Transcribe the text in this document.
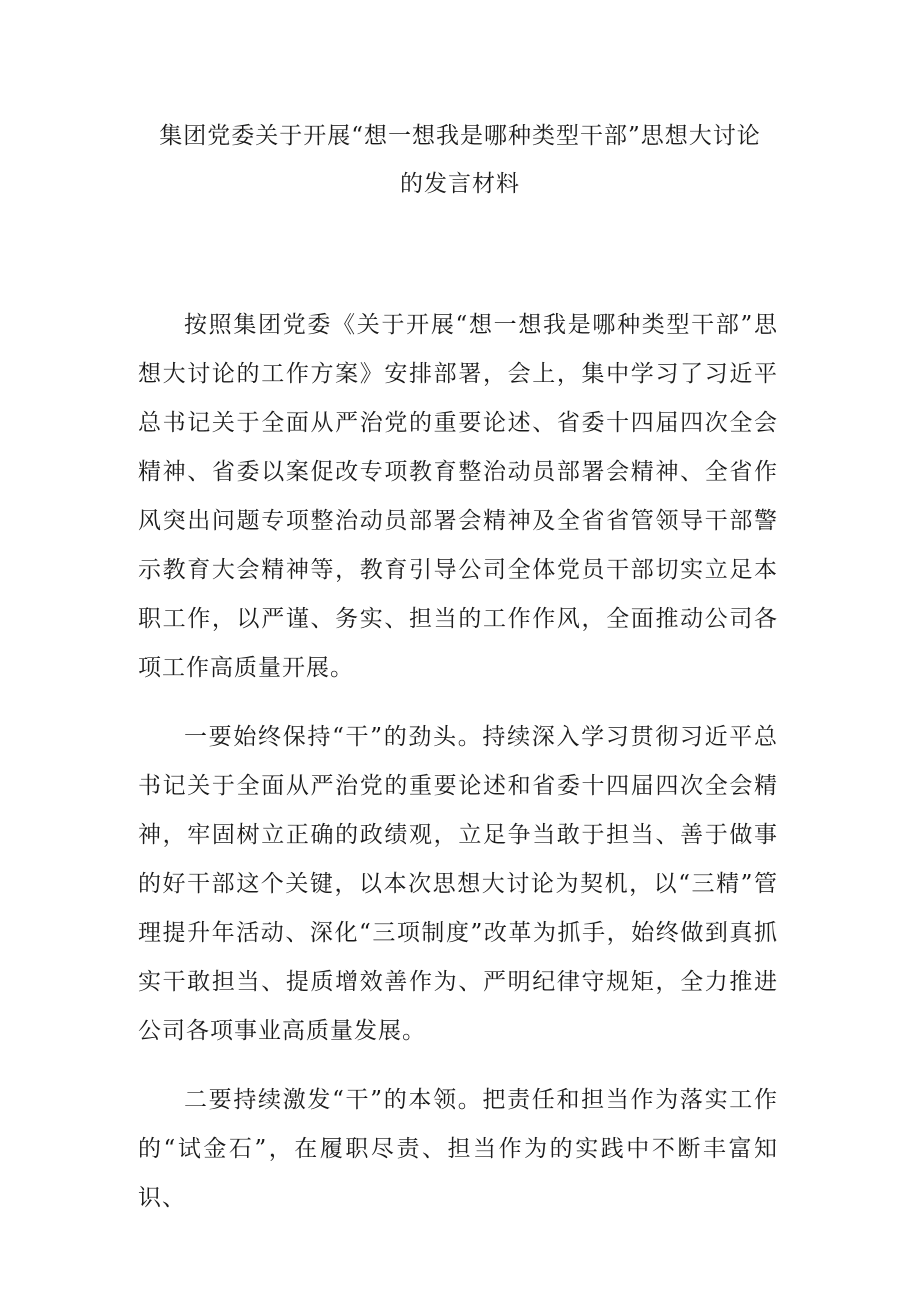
集团党委关于开展“想一想我是哪种类型干部”思想大讨论
的发言材料

按照集团党委《关于开展“想一想我是哪种类型干部”思想大讨论的工作方案》安排部署，会上，集中学习了习近平总书记关于全面从严治党的重要论述、省委十四届四次全会精神、省委以案促改专项教育整治动员部署会精神、全省作风突出问题专项整治动员部署会精神及全省省管领导干部警示教育大会精神等，教育引导公司全体党员干部切实立足本职工作，以严谨、务实、担当的工作作风，全面推动公司各项工作高质量开展。

一要始终保持“干”的劲头。持续深入学习贯彻习近平总书记关于全面从严治党的重要论述和省委十四届四次全会精神，牢固树立正确的政绩观，立足争当敢于担当、善于做事的好干部这个关键，以本次思想大讨论为契机，以“三精”管理提升年活动、深化“三项制度”改革为抓手，始终做到真抓实干敢担当、提质增效善作为、严明纪律守规矩，全力推进公司各项事业高质量发展。

二要持续激发“干”的本领。把责任和担当作为落实工作的“试金石”，在履职尽责、担当作为的实践中不断丰富知识、
